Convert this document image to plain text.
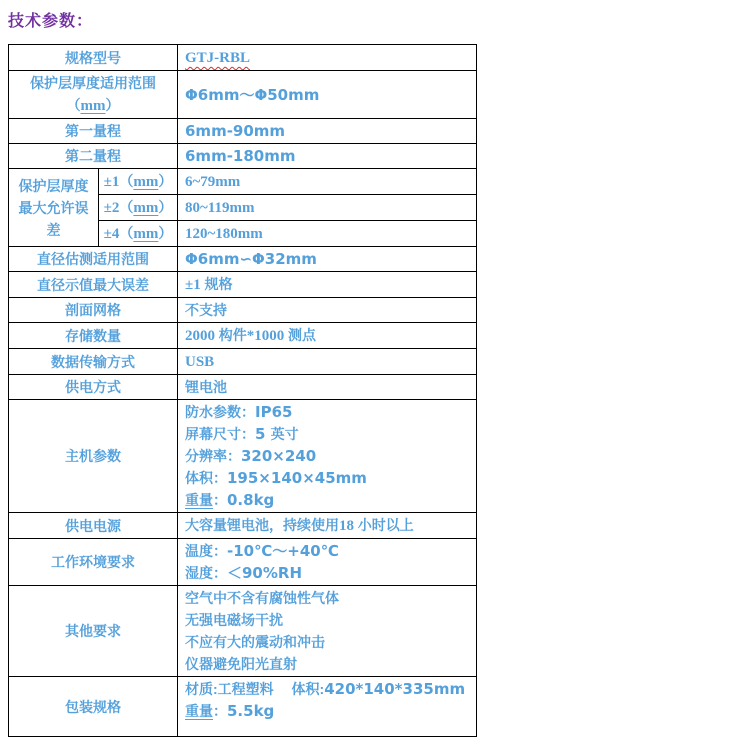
技术参数：
规格型号		GTJ-RBL

保护层厚度适用范围
（mm）		Φ6mm～Φ50mm

第一量程		6mm-90mm

第二量程		6mm-180mm

保护层厚度最大允许误差	±1（mm）	6~79mm

	±2（mm）	80~119mm

	±4（mm）	120~180mm

直径估测适用范围		Φ6mm∽Φ32mm

直径示值最大误差		±1 规格

剖面网格		不支持

存储数量		2000 构件*1000 测点

数据传输方式		USB

供电方式		锂电池

主机参数		防水参数：IP65
屏幕尺寸：5 英寸
分辨率：320×240
体积：195×140×45mm
重量：0.8kg

供电电源		大容量锂电池，持续使用18 小时以上

工作环境要求		温度：-10℃～+40℃
湿度：＜90%RH

其他要求		空气中不含有腐蚀性气体
无强电磁场干扰
不应有大的震动和冲击
仪器避免阳光直射

包装规格		材质:工程塑料　 体积:420*140*335mm
重量：5.5kg
